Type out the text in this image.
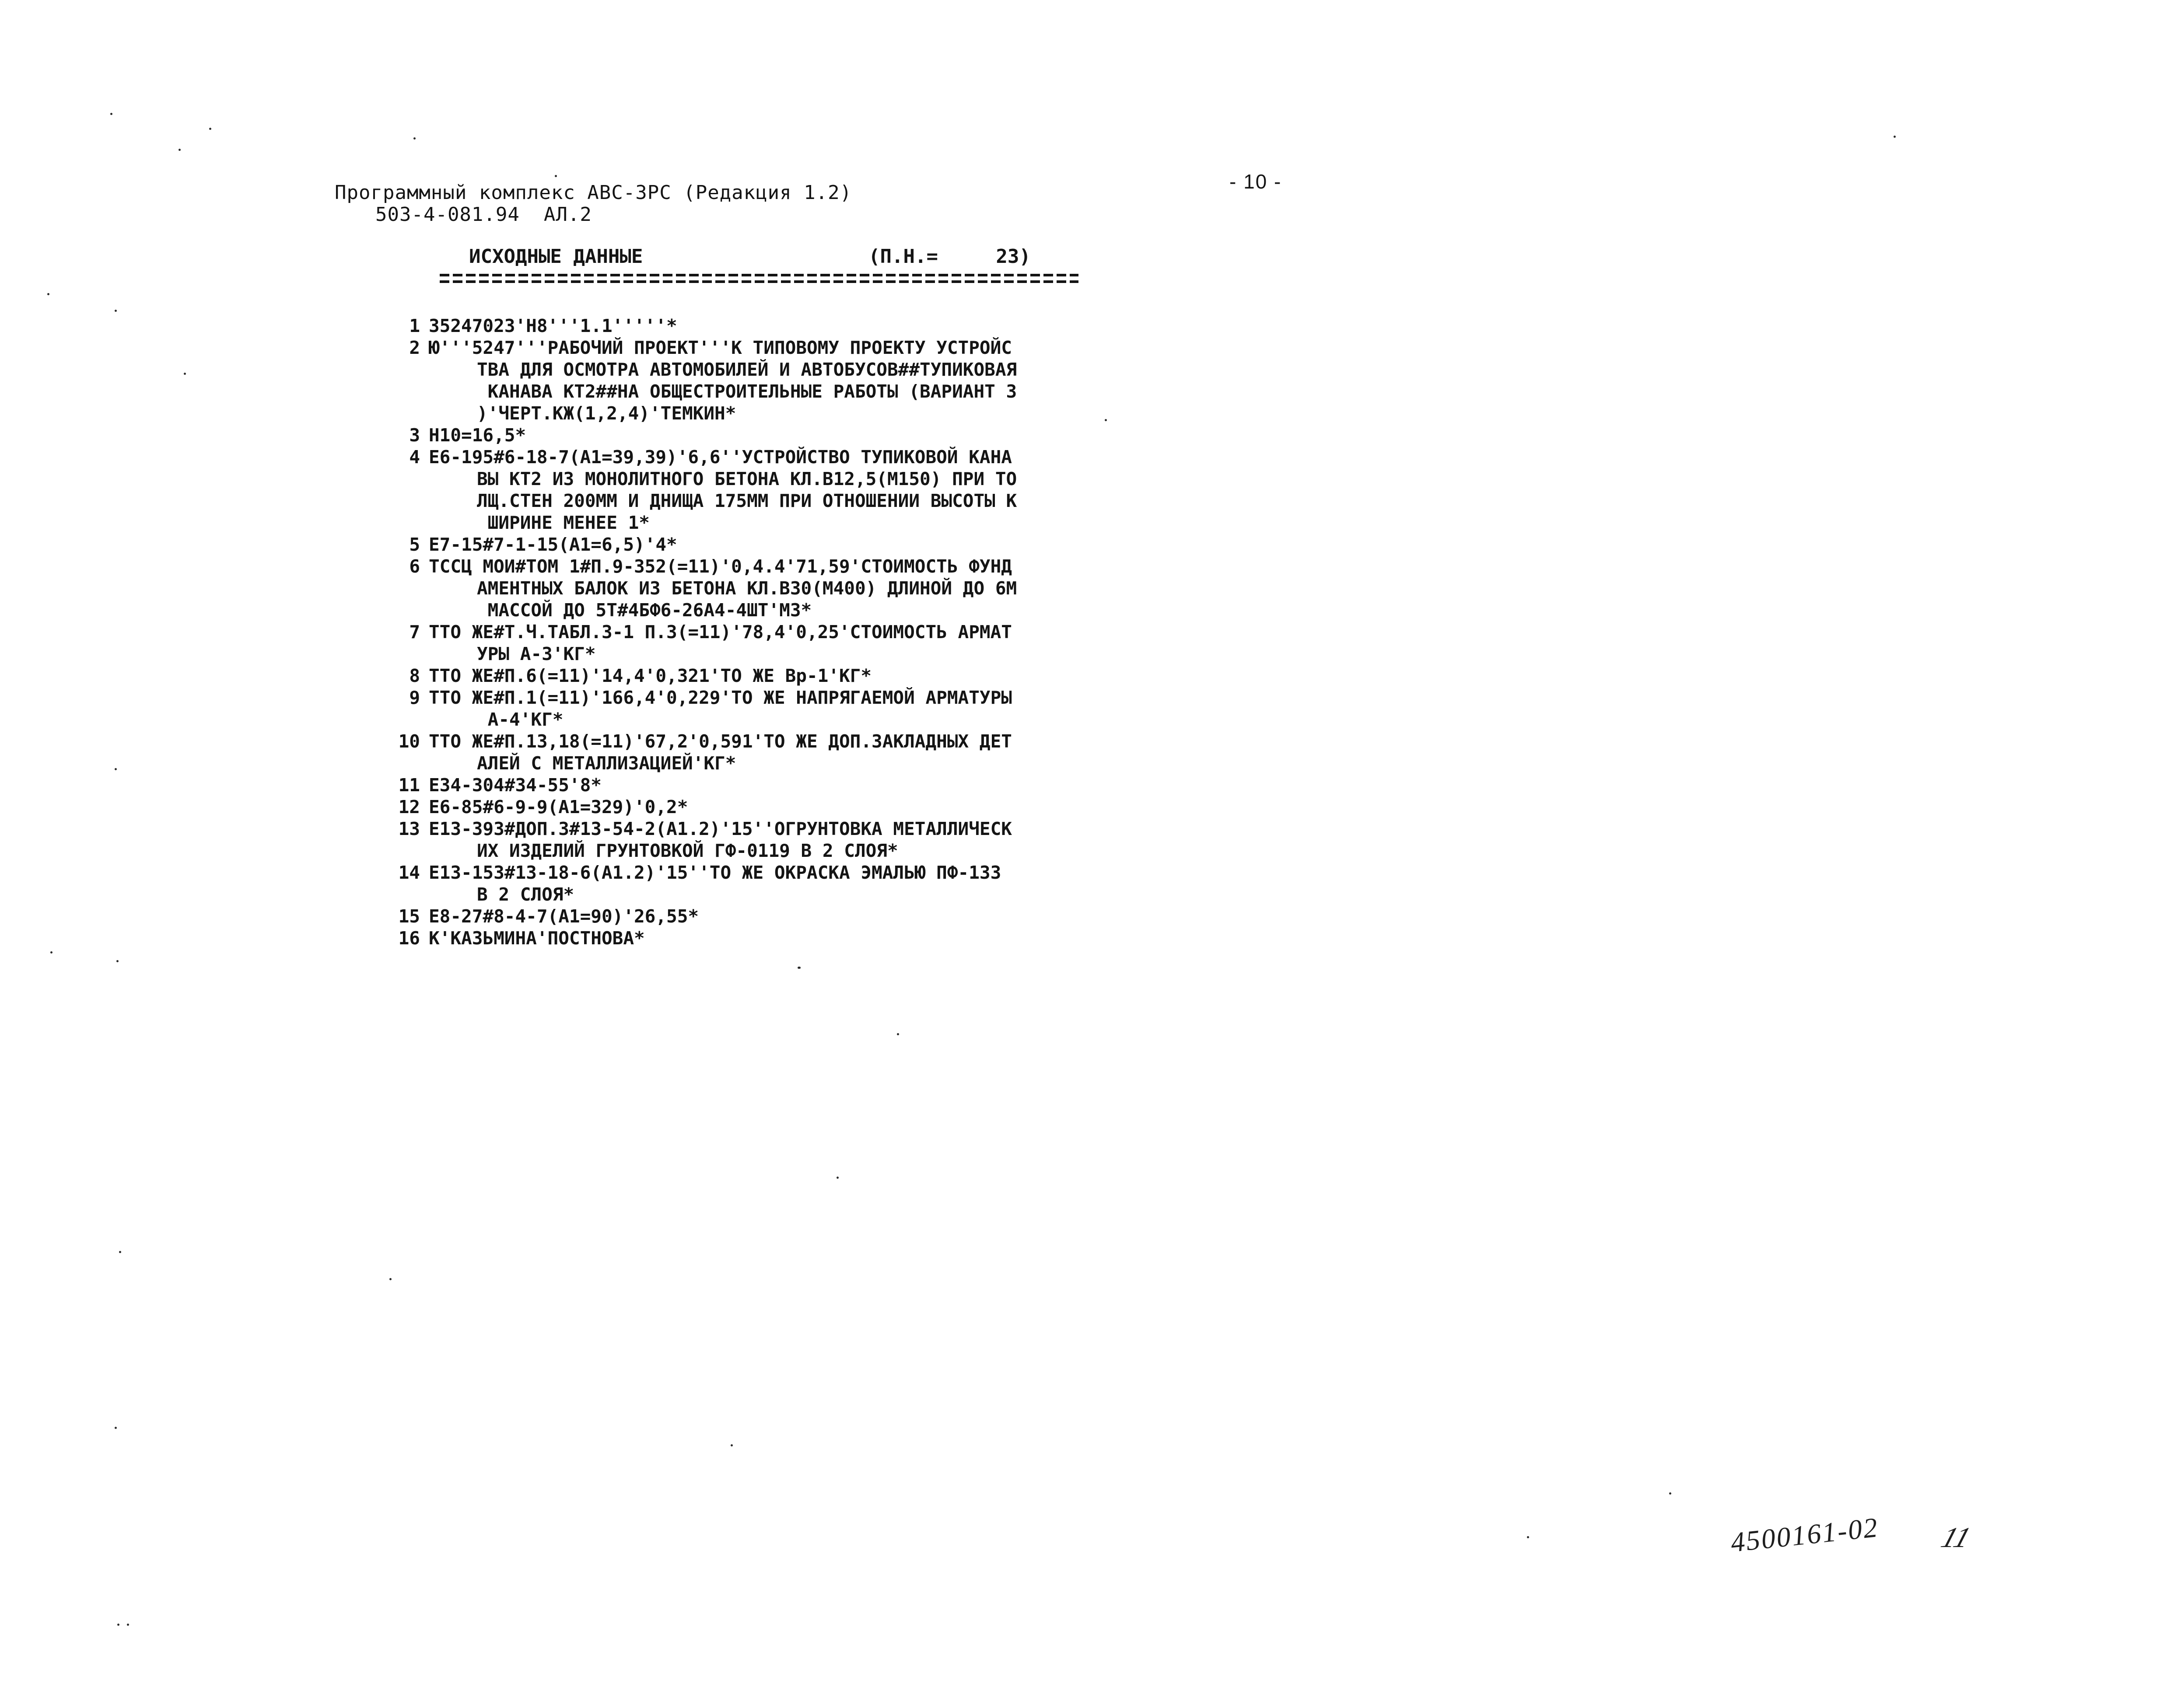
Программный комплекс АВС-3РС (Редакция 1.2)
503-4-081.94  АЛ.2
- 10 -
ИСХОДНЫЕ ДАННЫЕ	(П.Н.=     23)
1 35247023'Н8'''1.1'''''*
2 Ю'''5247'''РАБОЧИЙ ПРОЕКТ'''К ТИПОВОМУ ПРОЕКТУ УСТРОЙС
ТВА ДЛЯ ОСМОТРА АВТОМОБИЛЕЙ И АВТОБУСОВ##ТУПИКОВАЯ
КАНАВА КТ2##НА ОБЩЕСТРОИТЕЛЬНЫЕ РАБОТЫ (ВАРИАНТ 3
)'ЧЕРТ.КЖ(1,2,4)'ТЕМКИН*
3 Н10=16,5*
4 Е6-195#6-18-7(А1=39,39)'6,6''УСТРОЙСТВО ТУПИКОВОЙ КАНА
ВЫ КТ2 ИЗ МОНОЛИТНОГО БЕТОНА КЛ.В12,5(М150) ПРИ ТО
ЛЩ.СТЕН 200ММ И ДНИЩА 175ММ ПРИ ОТНОШЕНИИ ВЫСОТЫ К
ШИРИНЕ МЕНЕЕ 1*
5 Е7-15#7-1-15(А1=6,5)'4*
6 ТССЦ МОИ#ТОМ 1#П.9-352(=11)'0,4.4'71,59'СТОИМОСТЬ ФУНД
АМЕНТНЫХ БАЛОК ИЗ БЕТОНА КЛ.В30(М400) ДЛИНОЙ ДО 6М
МАССОЙ ДО 5Т#4БФ6-26А4-4ШТ'М3*
7 ТТО ЖЕ#Т.Ч.ТАБЛ.3-1 П.3(=11)'78,4'0,25'СТОИМОСТЬ АРМАТ
УРЫ А-3'КГ*
8 ТТО ЖЕ#П.6(=11)'14,4'0,321'ТО ЖЕ Вр-1'КГ*
9 ТТО ЖЕ#П.1(=11)'166,4'0,229'ТО ЖЕ НАПРЯГАЕМОЙ АРМАТУРЫ
А-4'КГ*
10 ТТО ЖЕ#П.13,18(=11)'67,2'0,591'ТО ЖЕ ДОП.ЗАКЛАДНЫХ ДЕТ
АЛЕЙ С МЕТАЛЛИЗАЦИЕЙ'КГ*
11 Е34-304#34-55'8*
12 Е6-85#6-9-9(А1=329)'0,2*
13 Е13-393#ДОП.3#13-54-2(А1.2)'15''ОГРУНТОВКА МЕТАЛЛИЧЕСК
ИХ ИЗДЕЛИЙ ГРУНТОВКОЙ ГФ-0119 В 2 СЛОЯ*
14 Е13-153#13-18-6(А1.2)'15''ТО ЖЕ ОКРАСКА ЭМАЛЬЮ ПФ-133
В 2 СЛОЯ*
15 Е8-27#8-4-7(А1=90)'26,55*
16 К'КАЗЬМИНА'ПОСТНОВА*
4500161-02 11
